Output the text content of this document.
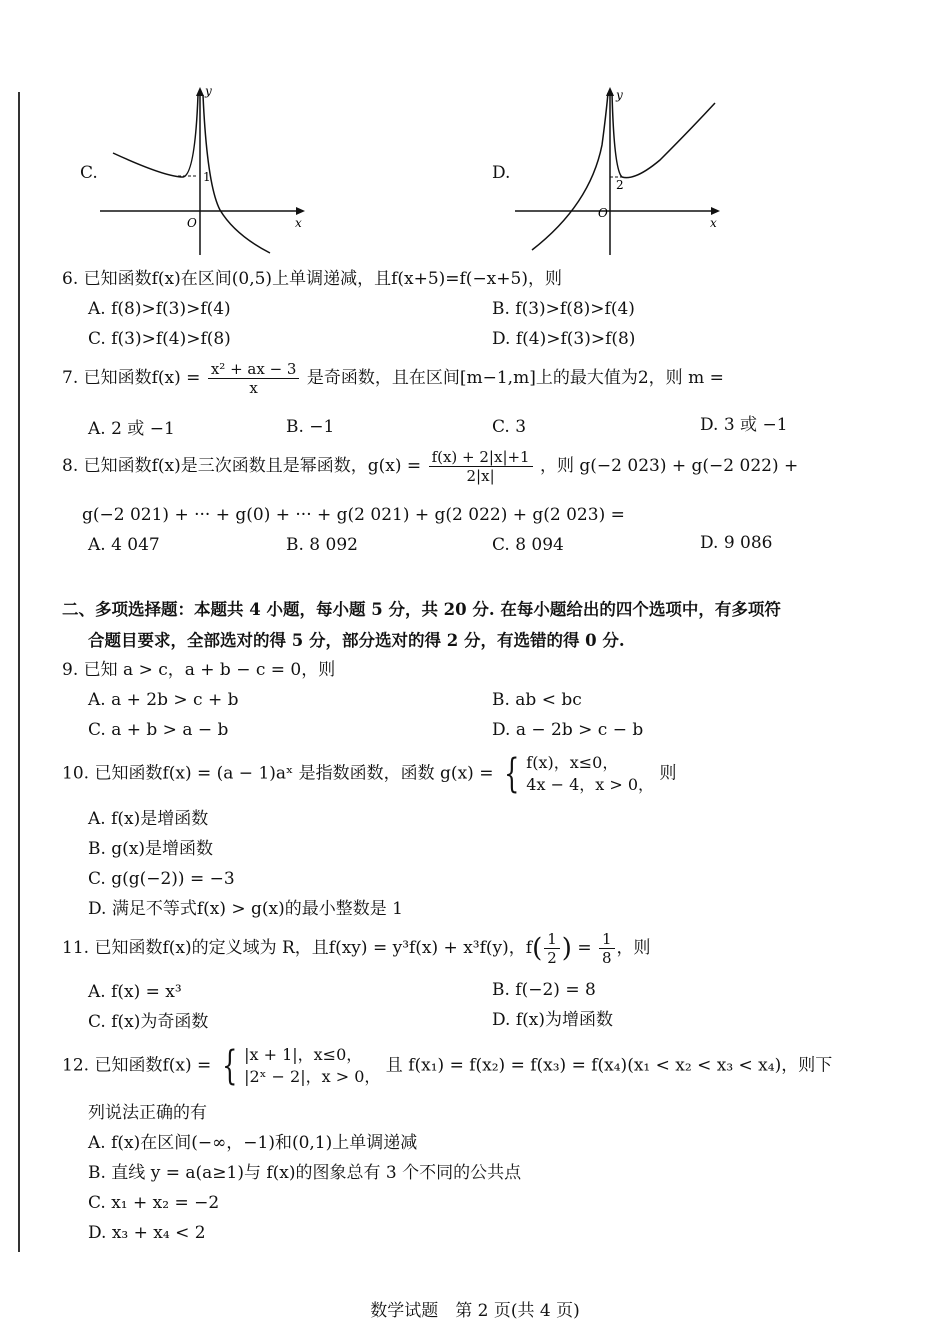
C.
y
x
O
1	D.
y
x
O
2
6. 已知函数f(x)在区间(0,5)上单调递减，且f(x+5)=f(−x+5)，则
A. f(8)>f(3)>f(4)	B. f(3)>f(8)>f(4)
C. f(3)>f(4)>f(8)	D. f(4)>f(3)>f(8)
7. 已知函数$f(x) = \frac{\text{x² + ax − 3}}{x}$ 是奇函数，且在区间[m−1,m]上的最大值为2，则 m =
A. 2 或 −1	B. −1	C. 3	D. 3 或 −1
8. 已知函数f(x)是三次函数且是幂函数，$g(x) = \frac{f(x) + 2|x|+1}{2|x|}$ ，则 g(−2 023) + g(−2 022) +
g(−2 021) + ··· + g(0) + ··· + g(2 021) + g(2 022) + g(2 023) =
A. 4 047	B. 8 092	C. 8 094	D. 9 086
二、多项选择题：本题共 4 小题，每小题 5 分，共 20 分. 在每小题给出的四个选项中，有多项符
合题目要求，全部选对的得 5 分，部分选对的得 2 分，有选错的得 0 分.
9. 已知 a > c，a + b − c = 0，则
A. a + 2b > c + b	B. ab < bc
C. a + b > a − b	D. a − 2b > c − b
10. 已知函数f(x) = (a − 1)aˣ 是指数函数，函数 g(x) = { f(x)，x≤0，
4x − 4，x > 0，
则
A. f(x)是增函数
B. g(x)是增函数
C. g(g(−2)) = −3
D. 满足不等式f(x) > g(x)的最小整数是 1
11. 已知函数f(x)的定义域为 R，且f(xy) = y³f(x) + x³f(y)，$f( \frac{1}{2}$ ) = $\frac{1}{8}$ ，则
A. f(x) = x³	B. f(−2) = 8
C. f(x)为奇函数	D. f(x)为增函数
12. 已知函数f(x) = { |x + 1|，x≤0，
|2ˣ − 2|，x > 0，
且 f(x₁) = f(x₂) = f(x₃) = f(x₄)(x₁ < x₂ < x₃ < x₄)，则下
列说法正确的有
A. f(x)在区间(−∞，−1)和(0,1)上单调递减
B. 直线 y = a(a≥1)与 f(x)的图象总有 3 个不同的公共点
C. x₁ + x₂ = −2
D. x₃ + x₄ < 2
数学试题　第 2 页(共 4 页)
